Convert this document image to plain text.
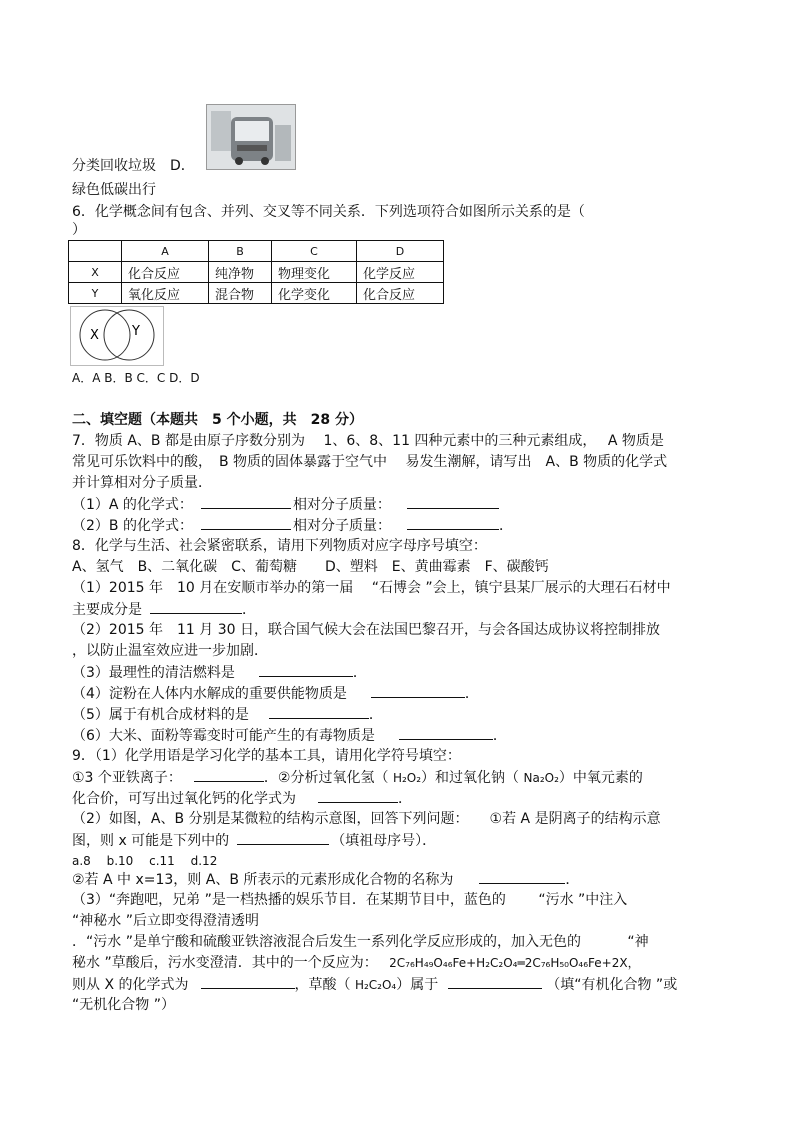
分类回收垃圾　 D．
绿色低碳出行
6．化学概念间有包含、并列、交叉等不同关系．下列选项符合如图所示关系的是（
）
	A	B	C	D
X	化合反应	纯净物	物理变化	化学反应
Y	氧化反应	混合物	化学变化	化合反应
X	Y
A．A B．B C．C D．D
二、填空题（本题共　5 个小题，共　28 分）
7．物质 A、B 都是由原子序数分别为　 1、6、8、11 四种元素中的三种元素组成，　 A 物质是
常见可乐饮料中的酸，　B 物质的固体暴露于空气中　 易发生潮解，请写出　A、B 物质的化学式
并计算相对分子质量．
（1）A 的化学式：	相对分子质量：
（2）B 的化学式：	相对分子质量：	．
8．化学与生活、社会紧密联系，请用下列物质对应字母序号填空：
A、氢气　B、二氧化碳　C、葡萄糖　　D、塑料　E、黄曲霉素　F、碳酸钙
（1）2015 年　10 月在安顺市举办的第一届　 “石博会 ”会上，镇宁县某厂展示的大理石石材中
主要成分是	．
（2）2015 年　11 月 30 日，联合国气候大会在法国巴黎召开，与会各国达成协议将控制排放
，以防止温室效应进一步加剧．
（3）最理性的清洁燃料是	．
（4）淀粉在人体内水解成的重要供能物质是	．
（5）属于有机合成材料的是	．
（6）大米、面粉等霉变时可能产生的有毒物质是	．
9．（1）化学用语是学习化学的基本工具，请用化学符号填空：
①3 个亚铁离子：	．②分析过氧化氢（ H₂O₂）和过氧化钠（ Na₂O₂）中氧元素的
化合价，可写出过氧化钙的化学式为	．
（2）如图，A、B 分别是某微粒的结构示意图，回答下列问题：　　 ①若 A 是阴离子的结构示意
图，则 x 可能是下列中的	（填祖母序号）．
a.8　 b.10　 c.11　 d.12
②若 A 中 x=13，则 A、B 所表示的元素形成化合物的名称为	．
（3）“奔跑吧，兄弟 ”是一档热播的娱乐节目．在某期节目中，蓝色的　　 “污水 ”中注入
“神秘水 ”后立即变得澄清透明
．“污水 ”是单宁酸和硫酸亚铁溶液混合后发生一系列化学反应形成的，加入无色的　　　	“神
秘水 ”草酸后，污水变澄清．其中的一个反应为：　 2C₇₆H₄₉O₄₆Fe+H₂C₂O₄═2C₇₆H₅₀O₄₆Fe+2X，
则从 X 的化学式为	，草酸（ H₂C₂O₄）属于	（填“有机化合物 ”或
“无机化合物 ”）
